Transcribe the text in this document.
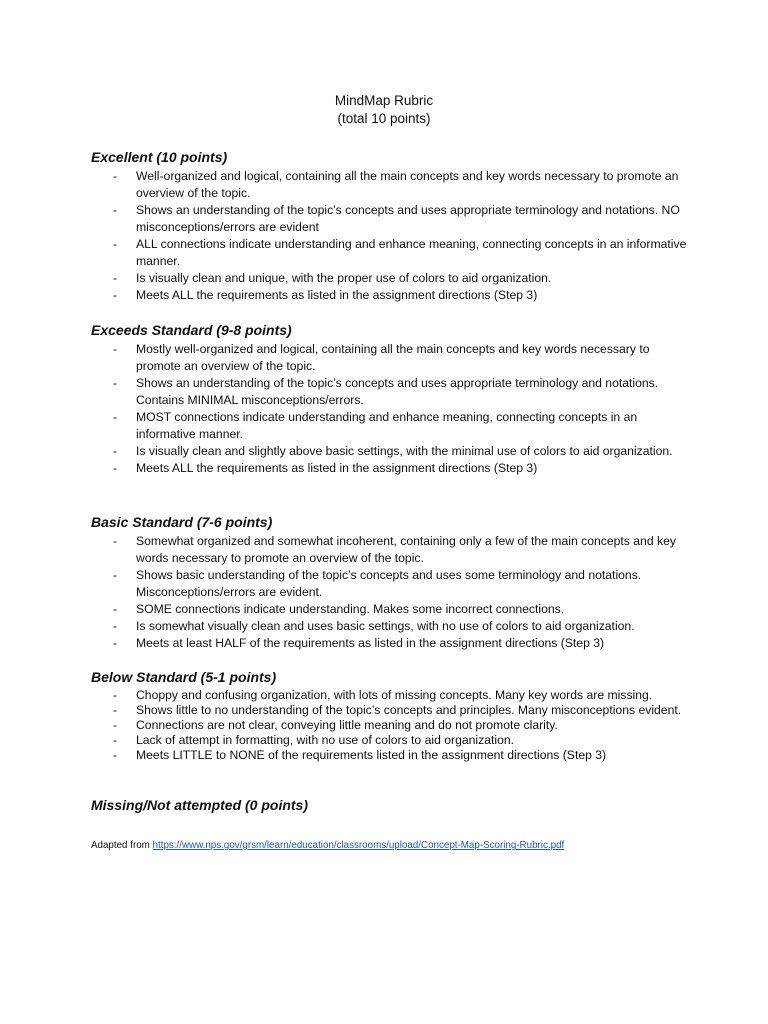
MindMap Rubric
(total 10 points)
Excellent (10 points)
- Well-organized and logical, containing all the main concepts and key words necessary to promote an overview of the topic.
- Shows an understanding of the topic’s concepts and uses appropriate terminology and notations. NO misconceptions/errors are evident
- ALL connections indicate understanding and enhance meaning, connecting concepts in an informative manner.
- Is visually clean and unique, with the proper use of colors to aid organization.
- Meets ALL the requirements as listed in the assignment directions (Step 3)
Exceeds Standard (9-8 points)
- Mostly well-organized and logical, containing all the main concepts and key words necessary to promote an overview of the topic.
- Shows an understanding of the topic’s concepts and uses appropriate terminology and notations. Contains MINIMAL misconceptions/errors.
- MOST connections indicate understanding and enhance meaning, connecting concepts in an informative manner.
- Is visually clean and slightly above basic settings, with the minimal use of colors to aid organization.
- Meets ALL the requirements as listed in the assignment directions (Step 3)
Basic Standard (7-6 points)
- Somewhat organized and somewhat incoherent, containing only a few of the main concepts and key words necessary to promote an overview of the topic.
- Shows basic understanding of the topic’s concepts and uses some terminology and notations. Misconceptions/errors are evident.
- SOME connections indicate understanding. Makes some incorrect connections.
- Is somewhat visually clean and uses basic settings, with no use of colors to aid organization.
- Meets at least HALF of the requirements as listed in the assignment directions (Step 3)
Below Standard (5-1 points)
- Choppy and confusing organization, with lots of missing concepts. Many key words are missing.
- Shows little to no understanding of the topic’s concepts and principles. Many misconceptions evident.
- Connections are not clear, conveying little meaning and do not promote clarity.
- Lack of attempt in formatting, with no use of colors to aid organization.
- Meets LITTLE to NONE of the requirements listed in the assignment directions (Step 3)
Missing/Not attempted (0 points)
Adapted from https://www.nps.gov/grsm/learn/education/classrooms/upload/Concept-Map-Scoring-Rubric.pdf
